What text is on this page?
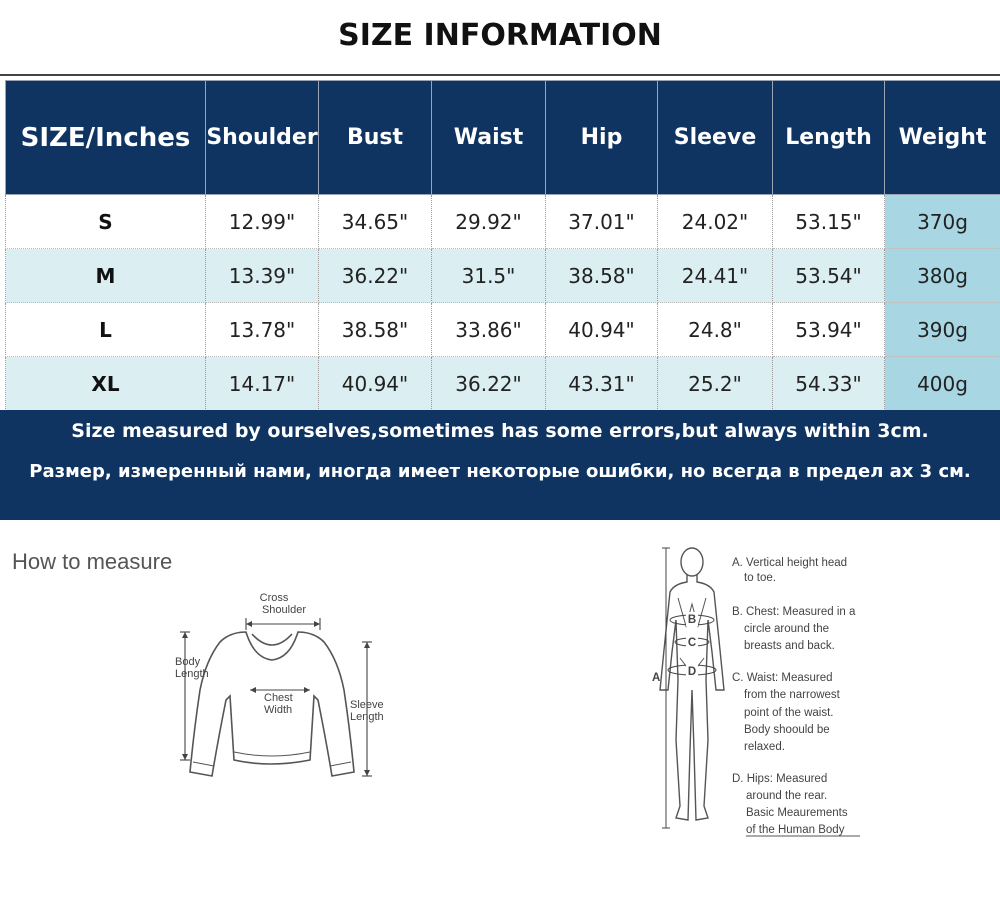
SIZE INFORMATION
SIZE/Inches	Shoulder	Bust	Waist	Hip	Sleeve	Length	Weight
S	12.99"	34.65"	29.92"	37.01"	24.02"	53.15"	370g
M	13.39"	36.22"	31.5"	38.58"	24.41"	53.54"	380g
L	13.78"	38.58"	33.86"	40.94"	24.8"	53.94"	390g
XL	14.17"	40.94"	36.22"	43.31"	25.2"	54.33"	400g
Size measured by ourselves,sometimes has some errors,but always within 3cm.
Размер, измеренный нами, иногда имеет некоторые ошибки, но всегда в предел ах 3 см.
How to measure
Cross
Shoulder
Body
Length
Chest
Width	Sleeve
Length
B
C
D
A
A. Vertical height head
to toe.
B. Chest: Measured in a
circle around the
breasts and back.
C. Waist: Measured
from the narrowest
point of the waist.
Body shoould be
relaxed.
D. Hips: Measured
around the rear.
Basic Meaurements
of the Human Body
